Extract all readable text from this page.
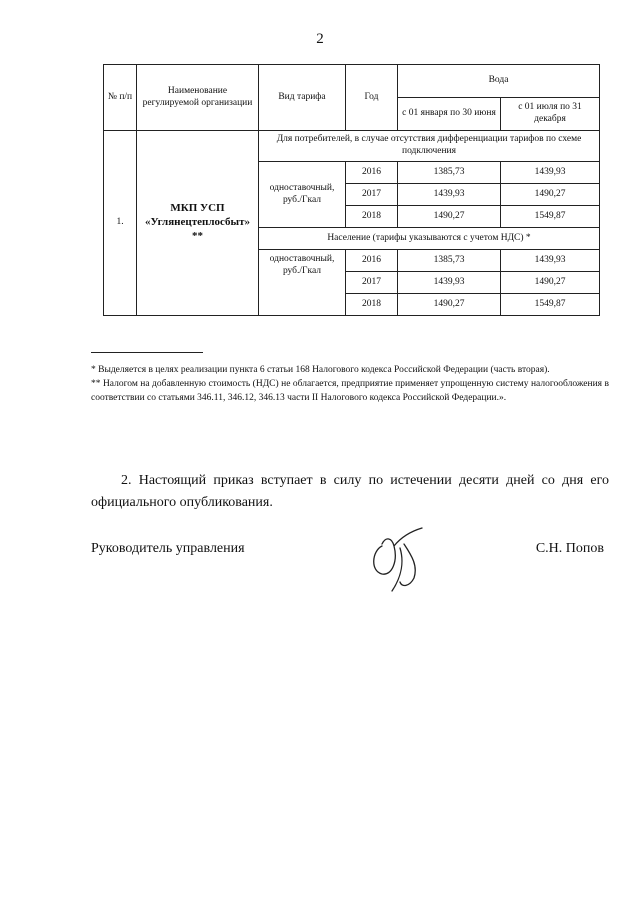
2
№ п/п	Наименование регулируемой организации	Вид тарифа	Год	Вода	
				с 01 января по 30 июня	с 01 июля по 31 декабря
1.	МКП УСП «Углянецтеплосбыт» **	Для потребителей, в случае отсутствия дифференциации тарифов по схеме подключения			
		одноставочный, руб./Гкал	2016	1385,73	1439,93
			2017	1439,93	1490,27
			2018	1490,27	1549,87
		Население (тарифы указываются с учетом НДС) *			
		одноставочный, руб./Гкал	2016	1385,73	1439,93
			2017	1439,93	1490,27
			2018	1490,27	1549,87

* Выделяется в целях реализации пункта 6 статьи 168 Налогового кодекса Российской Федерации (часть вторая).

** Налогом на добавленную стоимость (НДС) не облагается, предприятие применяет упрощенную систему налогообложения в соответствии со статьями 346.11, 346.12, 346.13 части II Налогового кодекса Российской Федерации.».

2. Настоящий приказ вступает в силу по истечении десяти дней со дня его официального опубликования.

Руководитель управления	С.Н. Попов
